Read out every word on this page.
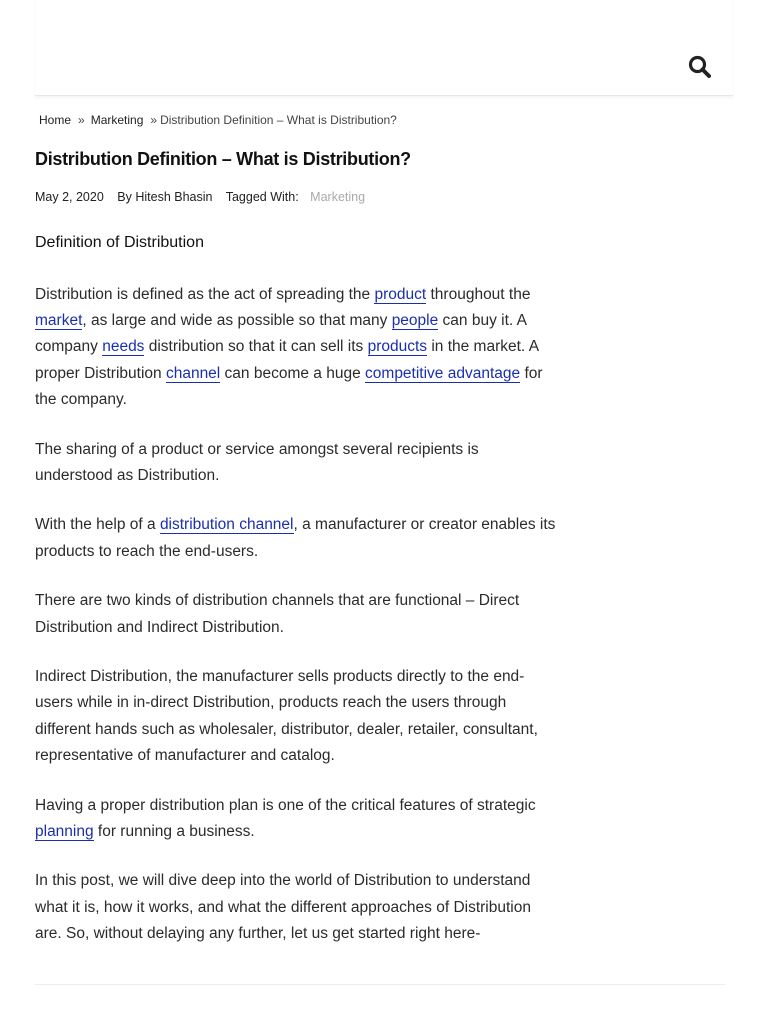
Home » Marketing » Distribution Definition – What is Distribution?
Distribution Definition – What is Distribution?
May 2, 2020 By Hitesh Bhasin Tagged With: Marketing
Definition of Distribution

Distribution is defined as the act of spreading the product throughout the market, as large and wide as possible so that many people can buy it. A company needs distribution so that it can sell its products in the market. A proper Distribution channel can become a huge competitive advantage for the company.

The sharing of a product or service amongst several recipients is understood as Distribution.

With the help of a distribution channel, a manufacturer or creator enables its products to reach the end-users.

There are two kinds of distribution channels that are functional – Direct Distribution and Indirect Distribution.

Indirect Distribution, the manufacturer sells products directly to the end-users while in in-direct Distribution, products reach the users through different hands such as wholesaler, distributor, dealer, retailer, consultant, representative of manufacturer and catalog.

Having a proper distribution plan is one of the critical features of strategic planning for running a business.

In this post, we will dive deep into the world of Distribution to understand what it is, how it works, and what the different approaches of Distribution are. So, without delaying any further, let us get started right here-
